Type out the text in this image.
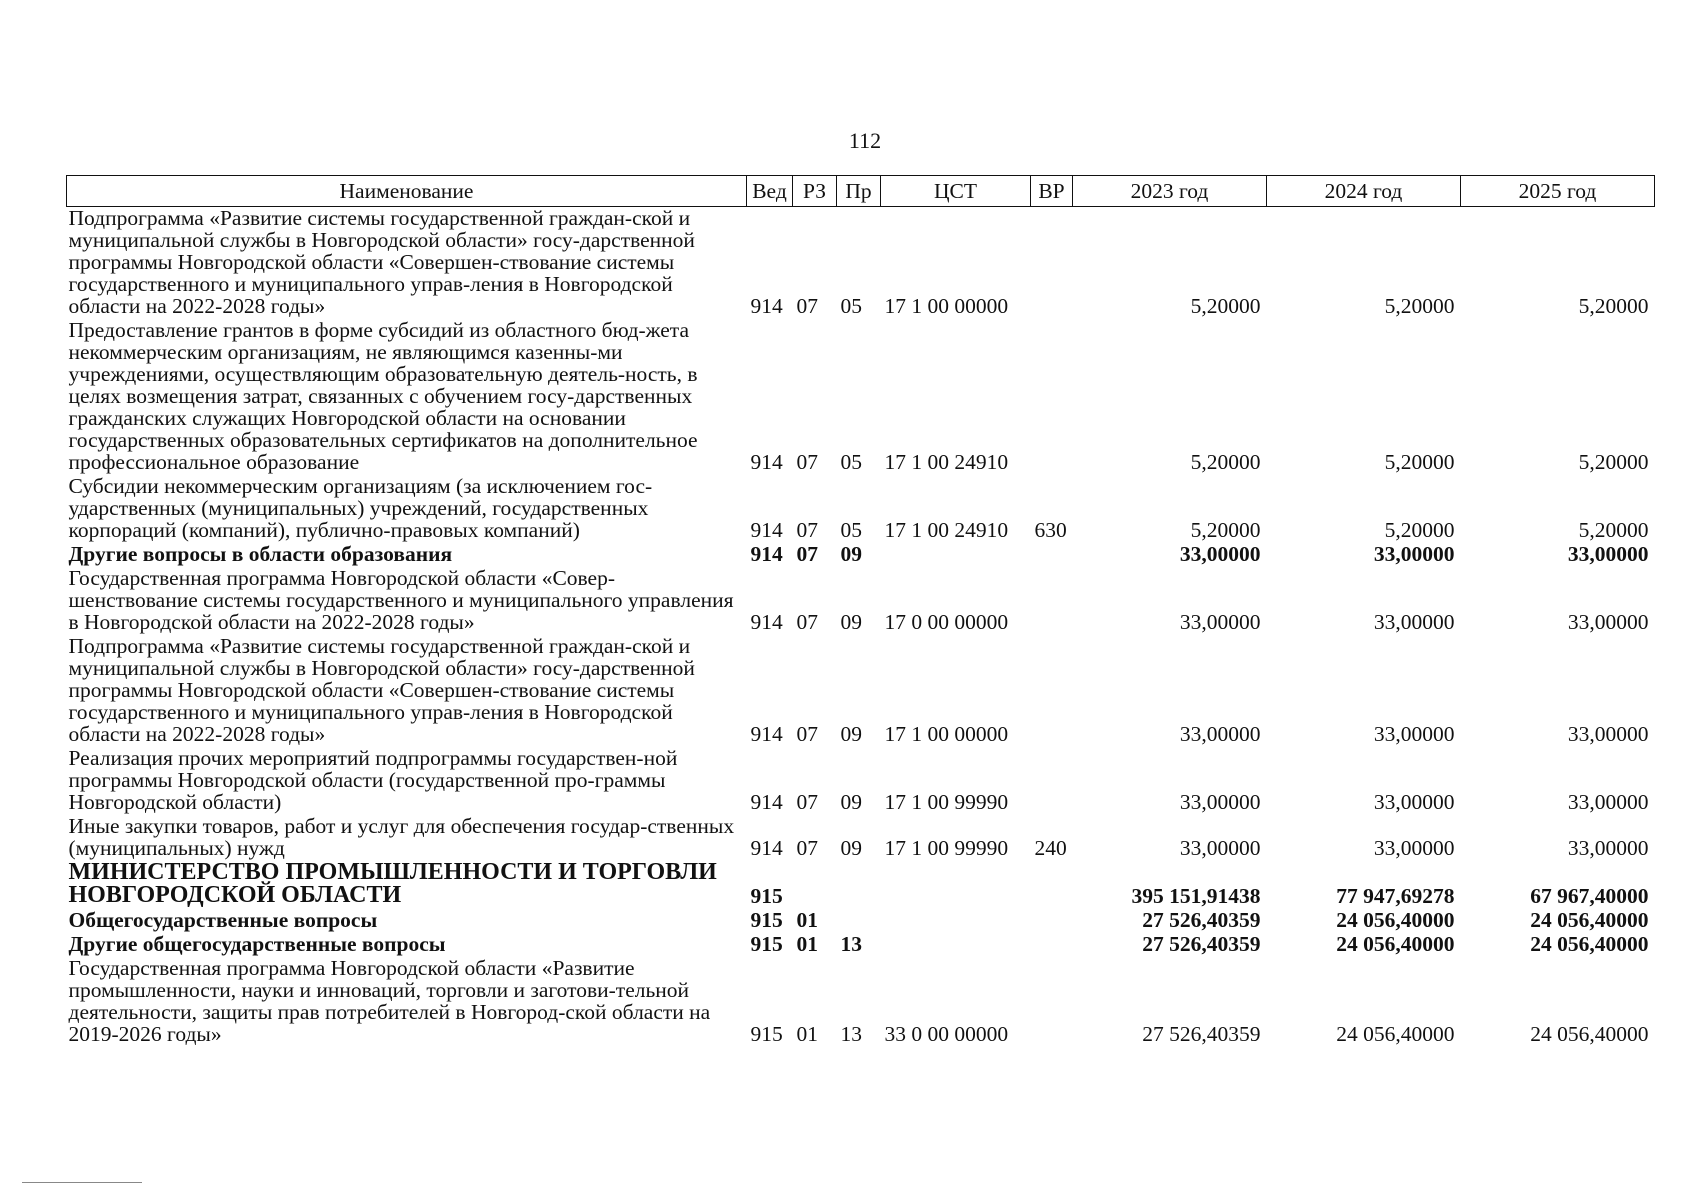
112
Наименование	Вед	РЗ	Пр	ЦСТ	ВР	2023 год	2024 год	2025 год
Подпрограмма «Развитие системы государственной граждан-ской и муниципальной службы в Новгородской области» госу-дарственной программы Новгородской области «Совершен-ствование системы государственного и муниципального управ-ления в Новгородской области на 2022-2028 годы»	914	07	05	17 1 00 00000		5,20000	5,20000	5,20000
Предоставление грантов в форме субсидий из областного бюд-жета некоммерческим организациям, не являющимся казенны-ми учреждениями, осуществляющим образовательную деятель-ность, в целях возмещения затрат, связанных с обучением госу-дарственных гражданских служащих Новгородской области на основании государственных образовательных сертификатов на дополнительное профессиональное образование	914	07	05	17 1 00 24910		5,20000	5,20000	5,20000
Субсидии некоммерческим организациям (за исключением гос-ударственных (муниципальных) учреждений, государственных корпораций (компаний), публично-правовых компаний)	914	07	05	17 1 00 24910	630	5,20000	5,20000	5,20000
Другие вопросы в области образования	914	07	09			33,00000	33,00000	33,00000
Государственная программа Новгородской области «Совер-шенствование системы государственного и муниципального управления в Новгородской области на 2022-2028 годы»	914	07	09	17 0 00 00000		33,00000	33,00000	33,00000
Подпрограмма «Развитие системы государственной граждан-ской и муниципальной службы в Новгородской области» госу-дарственной программы Новгородской области «Совершен-ствование системы государственного и муниципального управ-ления в Новгородской области на 2022-2028 годы»	914	07	09	17 1 00 00000		33,00000	33,00000	33,00000
Реализация прочих мероприятий подпрограммы государствен-ной программы Новгородской области (государственной про-граммы Новгородской области)	914	07	09	17 1 00 99990		33,00000	33,00000	33,00000
Иные закупки товаров, работ и услуг для обеспечения государ-ственных (муниципальных) нужд	914	07	09	17 1 00 99990	240	33,00000	33,00000	33,00000
МИНИСТЕРСТВО ПРОМЫШЛЕННОСТИ И ТОРГОВЛИ НОВГОРОДСКОЙ ОБЛАСТИ	915					395 151,91438	77 947,69278	67 967,40000
Общегосударственные вопросы	915	01				27 526,40359	24 056,40000	24 056,40000
Другие общегосударственные вопросы	915	01	13			27 526,40359	24 056,40000	24 056,40000
Государственная программа Новгородской области «Развитие промышленности, науки и инноваций, торговли и заготови-тельной деятельности, защиты прав потребителей в Новгород-ской области на 2019-2026 годы»	915	01	13	33 0 00 00000		27 526,40359	24 056,40000	24 056,40000
